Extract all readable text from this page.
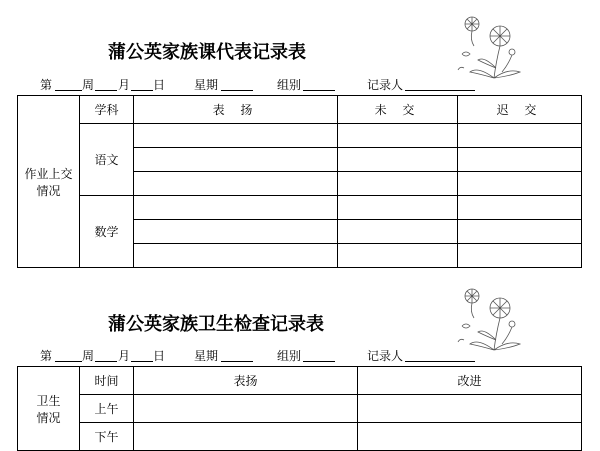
蒲公英家族课代表记录表
第 周 月 日 星期	组别	记录人
作业上交情况	学科	表 扬	未 交	迟 交
	语文			

	数学			

蒲公英家族卫生检查记录表
第 周 月 日 星期	组别	记录人
卫生情况	时间	表扬	改进
	上午		
	下午		
